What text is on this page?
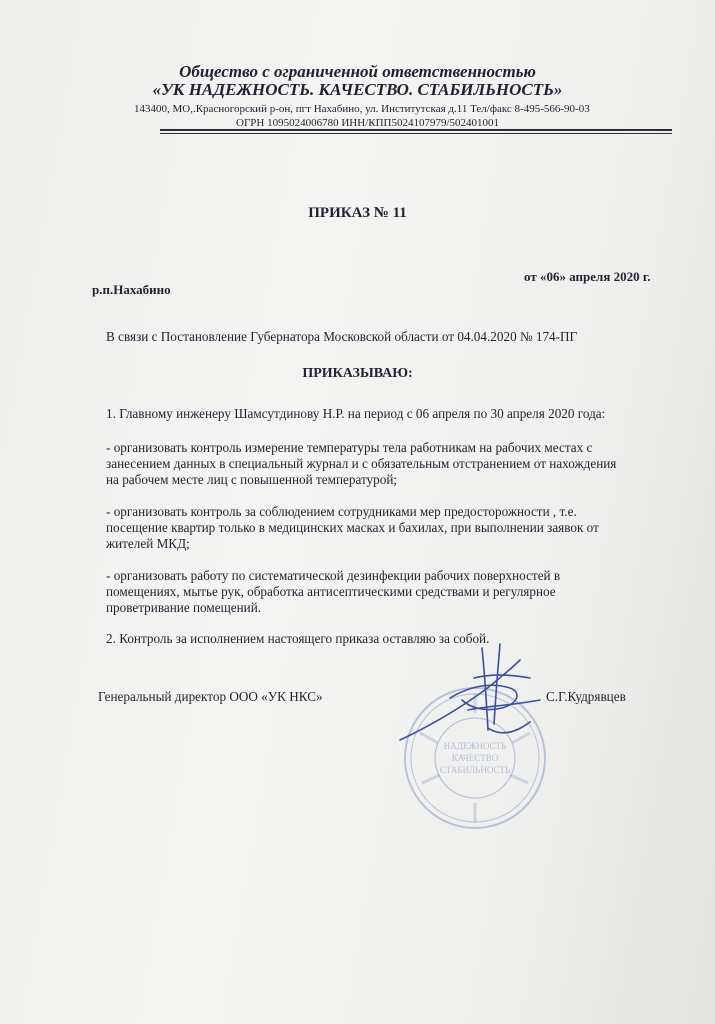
Общество с ограниченной ответственностью
«УК НАДЕЖНОСТЬ. КАЧЕСТВО. СТАБИЛЬНОСТЬ»
143400, МО,.Красногорский р-он, пгт Нахабино, ул. Институтская д.11 Тел/факс 8-495-566-90-03
ОГРН 1095024006780 ИНН/КПП5024107979/502401001
ПРИКАЗ № 11
от «06» апреля 2020 г.
р.п.Нахабино
В связи с Постановление Губернатора Московской области от 04.04.2020 № 174-ПГ
ПРИКАЗЫВАЮ:
1. Главному инженеру Шамсутдинову Н.Р. на период с 06 апреля по 30 апреля 2020 года:
- организовать контроль измерение температуры тела работникам на рабочих местах с
занесением данных в специальный журнал и с обязательным отстранением от нахождения
на рабочем месте лиц с повышенной температурой;
- организовать контроль за соблюдением сотрудниками мер предосторожности , т.е.
посещение квартир только в медицинских масках и бахилах, при выполнении заявок от
жителей МКД;
- организовать работу по систематической дезинфекции рабочих поверхностей в
помещениях, мытье рук, обработка антисептическими средствами и регулярное
проветривание помещений.
2. Контроль за исполнением настоящего приказа оставляю за собой.
Генеральный директор ООО «УК НКС»
НАДЕЖНОСТЬ
КАЧЕСТВО
СТАБИЛЬНОСТЬ
С.Г.Кудрявцев
